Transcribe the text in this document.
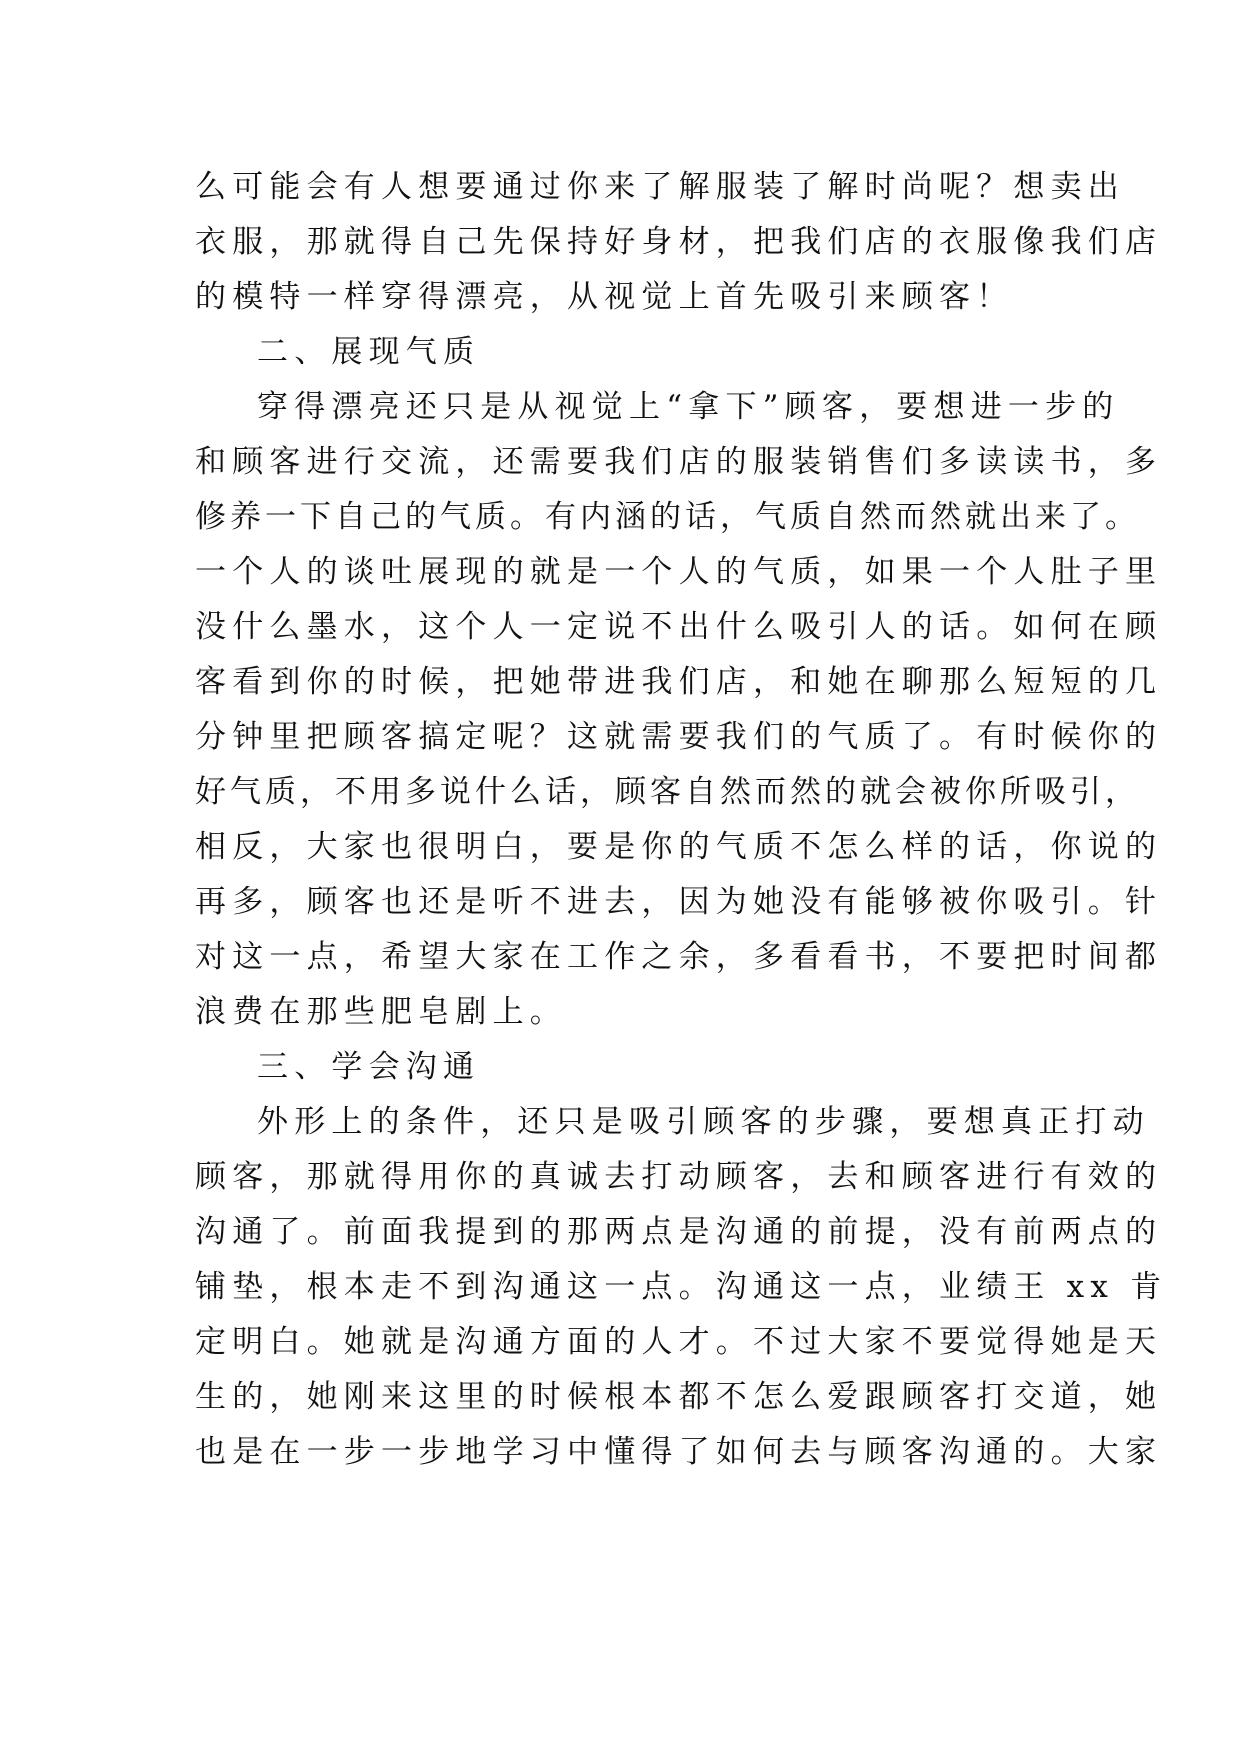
么可能会有人想要通过你来了解服装了解时尚呢？想卖出
衣服，那就得自己先保持好身材，把我们店的衣服像我们店
的模特一样穿得漂亮，从视觉上首先吸引来顾客！
二、展现气质
穿得漂亮还只是从视觉上“拿下”顾客，要想进一步的
和顾客进行交流，还需要我们店的服装销售们多读读书，多
修养一下自己的气质。有内涵的话，气质自然而然就出来了。
一个人的谈吐展现的就是一个人的气质，如果一个人肚子里
没什么墨水，这个人一定说不出什么吸引人的话。如何在顾
客看到你的时候，把她带进我们店，和她在聊那么短短的几
分钟里把顾客搞定呢？这就需要我们的气质了。有时候你的
好气质，不用多说什么话，顾客自然而然的就会被你所吸引，
相反，大家也很明白，要是你的气质不怎么样的话，你说的
再多，顾客也还是听不进去，因为她没有能够被你吸引。针
对这一点，希望大家在工作之余，多看看书，不要把时间都
浪费在那些肥皂剧上。
三、学会沟通
外形上的条件，还只是吸引顾客的步骤，要想真正打动
顾客，那就得用你的真诚去打动顾客，去和顾客进行有效的
沟通了。前面我提到的那两点是沟通的前提，没有前两点的
铺垫，根本走不到沟通这一点。沟通这一点，业绩王 xx 肯
定明白。她就是沟通方面的人才。不过大家不要觉得她是天
生的，她刚来这里的时候根本都不怎么爱跟顾客打交道，她
也是在一步一步地学习中懂得了如何去与顾客沟通的。大家
